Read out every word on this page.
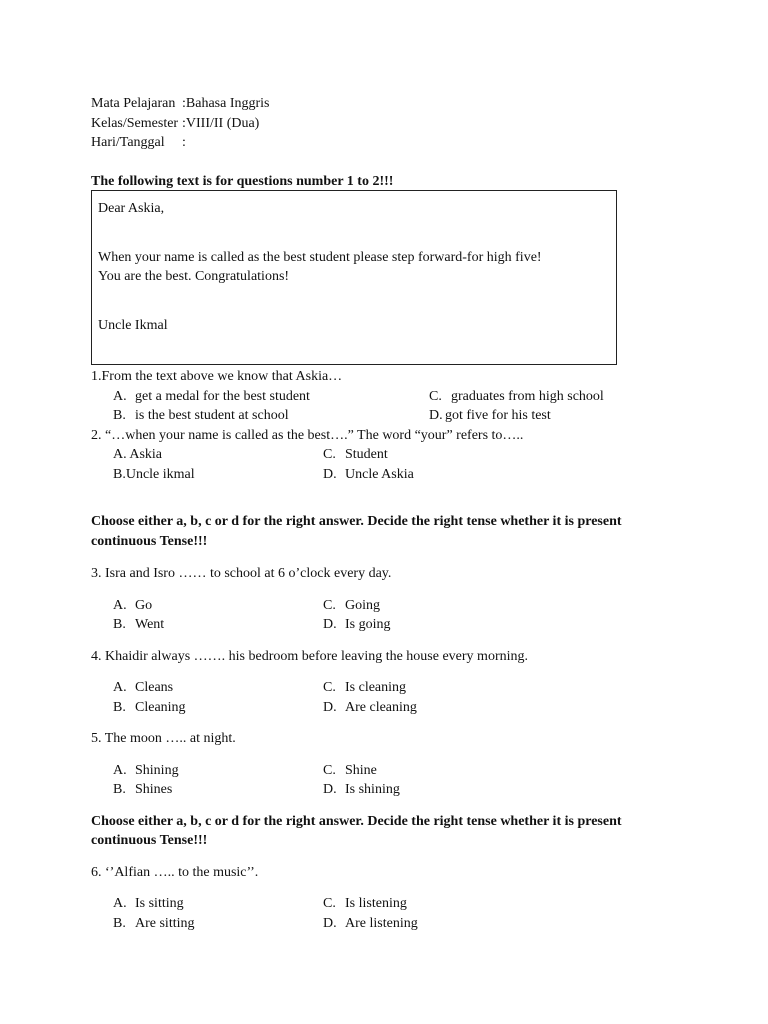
Mata Pelajaran :Bahasa Inggris
Kelas/Semester :VIII/II (Dua)
Hari/Tanggal :
The following text is for questions number 1 to 2!!!
Dear Askia,
When your name is called as the best student please step forward-for high five!
You are the best. Congratulations!
Uncle Ikmal
1.From the text above we know that Askia…

A. get a medal for the best student

	C. graduates from high school

B. is the best student at school

	D. got five for his test

2. “…when your name is called as the best….” The word “your” refers to…..

A. Askia

	C. Student

B.Uncle ikmal

	D. Uncle Askia

Choose either a, b, c or d for the right answer. Decide the right tense whether it is present
continuous Tense!!!
3. Isra and Isro …… to school at 6 o’clock every day.

A. Go

	C. Going

B. Went

	D. Is going

4. Khaidir always ……. his bedroom before leaving the house every morning.

A. Cleans

	C. Is cleaning

B. Cleaning

	D. Are cleaning

5. The moon ….. at night.

A. Shining

	C. Shine

B. Shines

	D. Is shining

Choose either a, b, c or d for the right answer. Decide the right tense whether it is present
continuous Tense!!!
6. ‘’Alfian ….. to the music’’.

A. Is sitting

	C. Is listening

B. Are sitting

	D. Are listening
